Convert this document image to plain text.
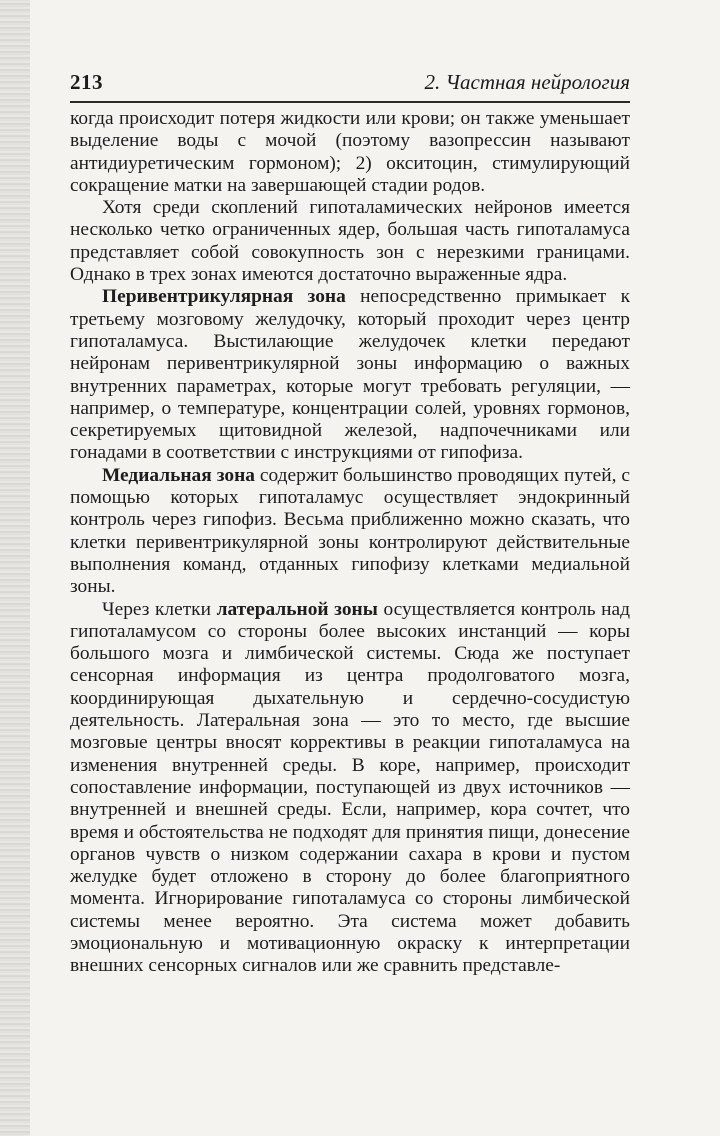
213	2. Частная нейрология

когда происходит потеря жидкости или крови; он также уменьшает выделение воды с мочой (поэтому вазопрессин называют антидиуретическим гормоном); 2) окситоцин, стимулирующий сокращение матки на завершающей стадии родов.

Хотя среди скоплений гипоталамических нейронов имеется несколько четко ограниченных ядер, большая часть гипоталамуса представляет собой совокупность зон с нерезкими границами. Однако в трех зонах имеются достаточно выраженные ядра.

Перивентрикулярная зона непосредственно примыкает к третьему мозговому желудочку, который проходит через центр гипоталамуса. Выстилающие желудочек клетки передают нейронам перивентрикулярной зоны информацию о важных внутренних параметрах, которые могут требовать регуляции, — например, о температуре, концентрации солей, уровнях гормонов, секретируемых щитовидной железой, надпочечниками или гонадами в соответствии с инструкциями от гипофиза.

Медиальная зона содержит большинство проводящих путей, с помощью которых гипоталамус осуществляет эндокринный контроль через гипофиз. Весьма приближенно можно сказать, что клетки перивентрикулярной зоны контролируют действительные выполнения команд, отданных гипофизу клетками медиальной зоны.

Через клетки латеральной зоны осуществляется контроль над гипоталамусом со стороны более высоких инстанций — коры большого мозга и лимбической системы. Сюда же поступает сенсорная информация из центра продолговатого мозга, координирующая дыхательную и сердечно-сосудистую деятельность. Латеральная зона — это то место, где высшие мозговые центры вносят коррективы в реакции гипоталамуса на изменения внутренней среды. В коре, например, происходит сопоставление информации, поступающей из двух источников — внутренней и внешней среды. Если, например, кора сочтет, что время и обстоятельства не подходят для принятия пищи, донесение органов чувств о низком содержании сахара в крови и пустом желудке будет отложено в сторону до более благоприятного момента. Игнорирование гипоталамуса со стороны лимбической системы менее вероятно. Эта система может добавить эмоциональную и мотивационную окраску к интерпретации внешних сенсорных сигналов или же сравнить представле-
